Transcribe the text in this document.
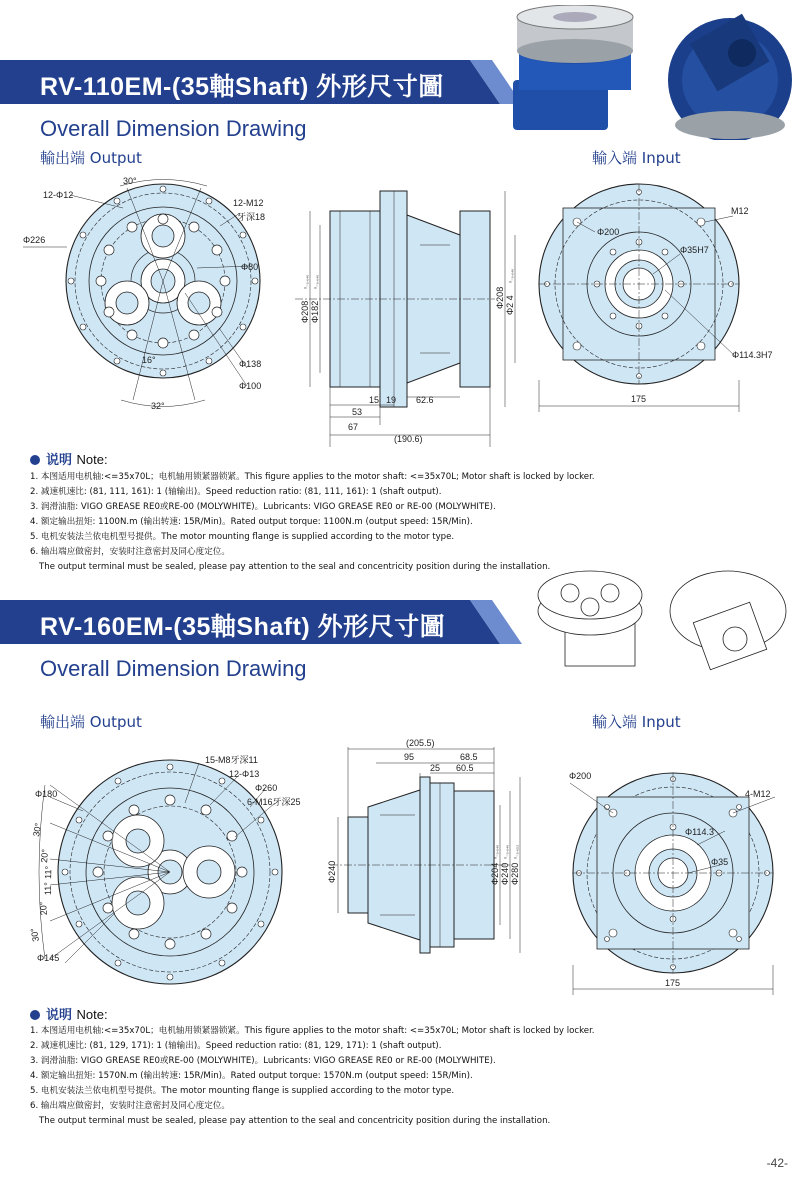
RV-110EM-(35軸Shaft) 外形尺寸圖
Overall Dimension Drawing
輸出端 Output	輸入端 Input
12-Φ12
30°
12-M12
牙深18
Φ226
Φ80
16°	Φ138
32°
Φ100
Φ208
⁰₋₀.₀₄₆
Φ182
⁰₋₀.₀₄₆
Φ208 Φ2 4
⁰₋₀.₀₄₆
53
67
15 19 62.6
(190.6)
M12
Φ200
Φ35H7
Φ114.3H7
175
说明 Note:
1. 本图适用电机轴:<=35x70L；电机轴用锁紧器锁紧。This figure applies to the motor shaft: <=35x70L; Motor shaft is locked by locker.
2. 减速机速比: (81, 111, 161): 1 (轴输出)。Speed reduction ratio: (81, 111, 161): 1 (shaft output).
3. 润滑油脂: VIGO GREASE RE0或RE-00 (MOLYWHITE)。Lubricants: VIGO GREASE RE0 or RE-00 (MOLYWHITE).
4. 额定输出扭矩: 1100N.m (输出转速: 15R/Min)。Rated output torque: 1100N.m (output speed: 15R/Min).
5. 电机安装法兰依电机型号提供。The motor mounting flange is supplied according to the motor type.
6. 输出端应做密封，安装时注意密封及同心度定位。
The output terminal must be sealed, please pay attention to the seal and concentricity position during the installation.
RV-160EM-(35軸Shaft) 外形尺寸圖
Overall Dimension Drawing
輸出端 Output	輸入端 Input
15-M8牙深11
12-Φ13
Φ260
6-M16牙深25
Φ180
30°
20°
11°
11°
20°
30°
Φ145
(205.5)
95	68.5
25 60.5
Φ240	Φ204
⁰₋₀.₀₄₆
Φ240
⁰₋₀.₀₄₆
Φ280
⁰₋₀.₀₅₂
Φ200
4-M12
Φ114.3
Φ35
175
说明 Note:
1. 本图适用电机轴:<=35x70L；电机轴用锁紧器锁紧。This figure applies to the motor shaft: <=35x70L; Motor shaft is locked by locker.
2. 减速机速比: (81, 129, 171): 1 (轴输出)。Speed reduction ratio: (81, 129, 171): 1 (shaft output).
3. 润滑油脂: VIGO GREASE RE0或RE-00 (MOLYWHITE)。Lubricants: VIGO GREASE RE0 or RE-00 (MOLYWHITE).
4. 额定输出扭矩: 1570N.m (输出转速: 15R/Min)。Rated output torque: 1570N.m (output speed: 15R/Min).
5. 电机安装法兰依电机型号提供。The motor mounting flange is supplied according to the motor type.
6. 输出端应做密封，安装时注意密封及同心度定位。
The output terminal must be sealed, please pay attention to the seal and concentricity position during the installation.
-42-
